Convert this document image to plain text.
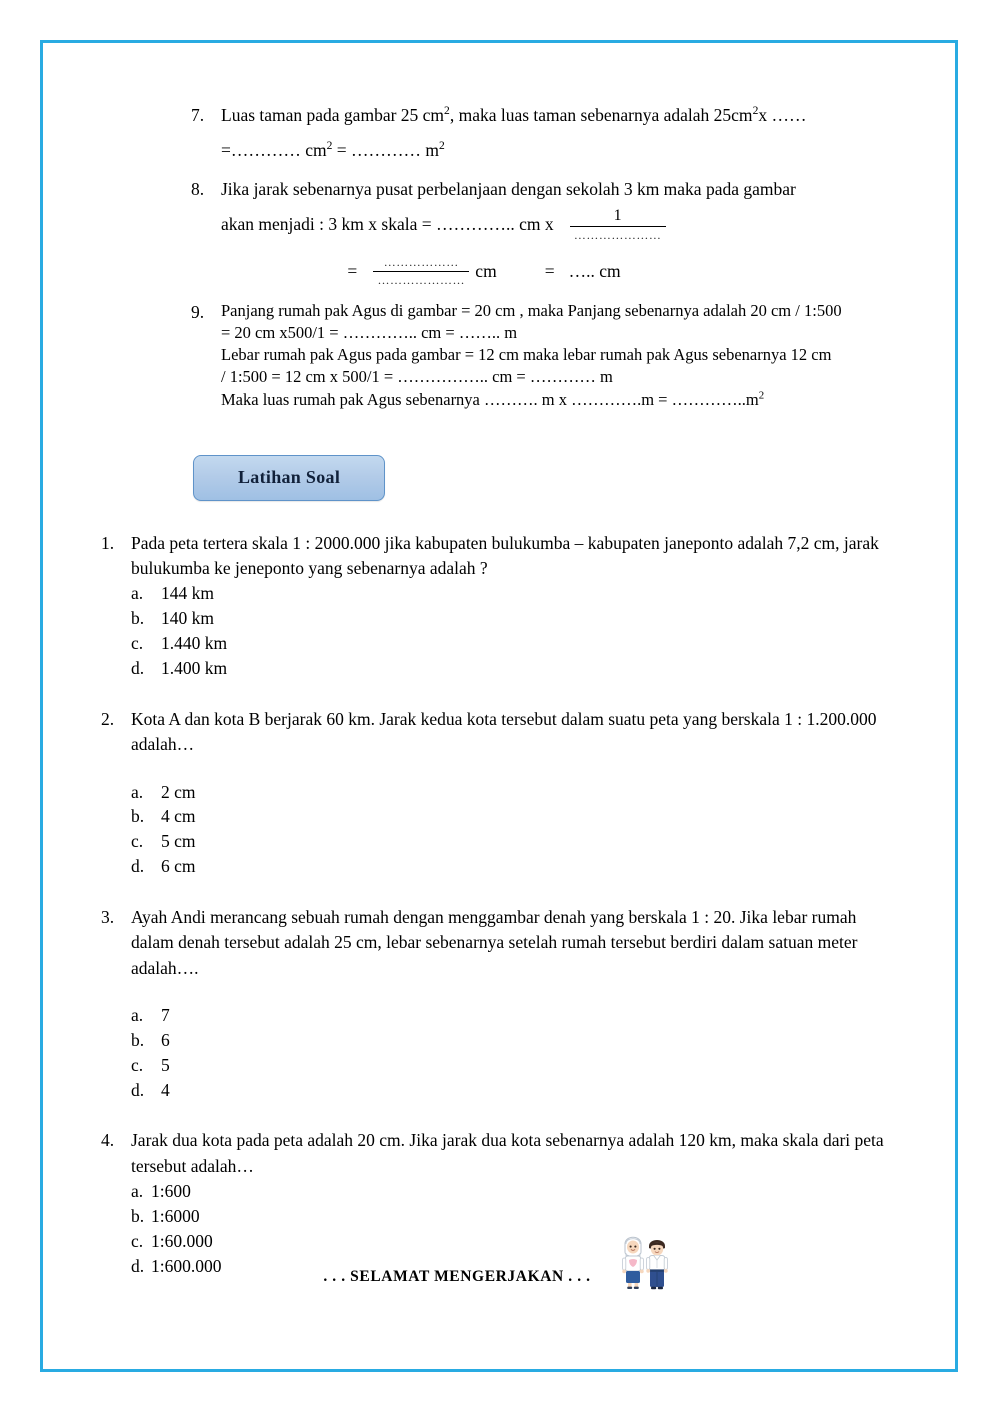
7. Luas taman pada gambar 25 $cm^2$, maka luas taman sebenarnya adalah $25cm^2x$ ……
=………… $cm^2$ = ………… $m^2$
8. Jika jarak sebenarnya pusat perbelanjaan dengan sekolah 3 km maka pada gambar
akan menjadi : 3 km x skala = ………….. cm x $\frac{1}{\dots\dots\dots\dots\dots\dots\dots}$
= $\frac{\dots\dots\dots\dots\dots\dots}{\dots\dots\dots\dots\dots\dots\dots}$ cm	= ….. cm
9.	Panjang rumah pak Agus di gambar = 20 cm , maka Panjang sebenarnya adalah 20 cm / 1:500
= 20 cm x500/1 = ………….. cm = …….. m
Lebar rumah pak Agus pada gambar = 12 cm maka lebar rumah pak Agus sebenarnya 12 cm
/ 1:500 = 12 cm x 500/1 = …………….. cm = ………… m
Maka luas rumah pak Agus sebenarnya ………. m x ………….m = $\dots\dots\dots\dots..m^2$
Latihan Soal
1. Pada peta tertera skala 1 : 2000.000 jika kabupaten bulukumba – kabupaten janeponto adalah 7,2 cm, jarak bulukumba ke jeneponto yang sebenarnya adalah ?
a.	144 km
b. 140 km
c.	1.440 km
d. 1.400 km
2. Kota A dan kota B berjarak 60 km. Jarak kedua kota tersebut dalam suatu peta yang berskala 1 : 1.200.000 adalah…
a.	2 cm
b. 4 cm
c.	5 cm
d. 6 cm
3. Ayah Andi merancang sebuah rumah dengan menggambar denah yang berskala 1 : 20. Jika lebar rumah dalam denah tersebut adalah 25 cm, lebar sebenarnya setelah rumah tersebut berdiri dalam satuan meter adalah….
a.	7
b. 6
c.	5
d. 4
4. Jarak dua kota pada peta adalah 20 cm. Jika jarak dua kota sebenarnya adalah 120 km, maka skala dari peta tersebut adalah…
a. 1:600
b. 1:6000
c. 1:60.000
d. 1:600.000
. . . SELAMAT MENGERJAKAN . . .
